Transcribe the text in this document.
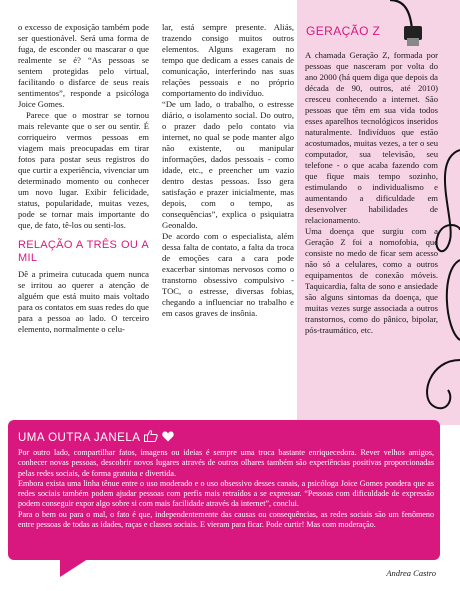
o excesso de exposição também pode ser questionável. Será uma forma de fuga, de esconder ou mascarar o que realmente se é? “As pessoas se sentem protegidas pelo virtual, facilitando o disfarce de seus reais sentimentos”, responde a psicóloga Joice Gomes.

Parece que o mostrar se tornou mais relevante que o ser ou sentir. É corriqueiro vermos pessoas em viagem mais preocupadas em tirar fotos para postar seus registros do que curtir a experiência, vivenciar um determinado momento ou conhecer um novo lugar. Exibir felicidade, status, popularidade, muitas vezes, pode se tornar mais importante do que, de fato, tê-los ou senti-los.

RELAÇÃO A TRÊS OU A MIL

Dê a primeira cutucada quem nunca se irritou ao querer a atenção de alguém que está muito mais voltado para os contatos em suas redes do que para a pessoa ao lado. O terceiro elemento, normalmente o celu-

lar, está sempre presente. Aliás, trazendo consigo muitos outros elementos. Alguns exageram no tempo que dedicam a esses canais de comunicação, interferindo nas suas relações pessoais e no próprio comportamento do indivíduo.

“De um lado, o trabalho, o estresse diário, o isolamento social. Do outro, o prazer dado pelo contato via internet, no qual se pode manter algo não existente, ou manipular informações, dados pessoais - como idade, etc., e preencher um vazio dentro destas pessoas. Isso gera satisfação e prazer inicialmente, mas depois, com o tempo, as consequências”, explica o psiquiatra Geonaldo.

De acordo com o especialista, além dessa falta de contato, a falta da troca de emoções cara a cara pode exacerbar sintomas nervosos como o transtorno obsessivo compulsivo - TOC, o estresse, diversas fobias, chegando a influenciar no trabalho e em casos graves de insônia.

GERAÇÃO Z

A chamada Geração Z, formada por pessoas que nasceram por volta do ano 2000 (há quem diga que depois da década de 90, outros, até 2010) cresceu conhecendo a internet. São pessoas que têm em sua vida todos esses aparelhos tecnológicos inseridos naturalmente. Indivíduos que estão acostumados, muitas vezes, a ter o seu computador, sua televisão, seu telefone - o que acaba fazendo com que fique mais tempo sozinho, estimulando o individualismo e aumentando a dificuldade em desenvolver habilidades de relacionamento.

Uma doença que surgiu com a Geração Z foi a nomofobia, que consiste no medo de ficar sem acesso não só a celulares, como a outros equipamentos de conexão móveis. Taquicardia, falta de sono e ansiedade são alguns sintomas da doença, que muitas vezes surge associada a outros transtornos, como do pânico, bipolar, pós-traumático, etc.

UMA OUTRA JANELA

Por outro lado, compartilhar fatos, imagens ou ideias é sempre uma troca bastante enriquecedora. Rever velhos amigos, conhecer novas pessoas, descobrir novos lugares através de outros olhares também são experiências positivas proporcionadas pelas redes sociais, de forma gratuita e divertida.

Embora exista uma linha tênue entre o uso moderado e o uso obsessivo desses canais, a psicóloga Joice Gomes pondera que as redes sociais também podem ajudar pessoas com perfis mais retraídos a se expressar. “Pessoas com dificuldade de expressão podem conseguir expor algo sobre si com mais facilidade através da internet”, conclui.

Para o bem ou para o mal, o fato é que, independentemente das causas ou consequências, as redes sociais são um fenômeno entre pessoas de todas as idades, raças e classes sociais. E vieram para ficar. Pode curtir! Mas com moderação.

Andrea Castro
